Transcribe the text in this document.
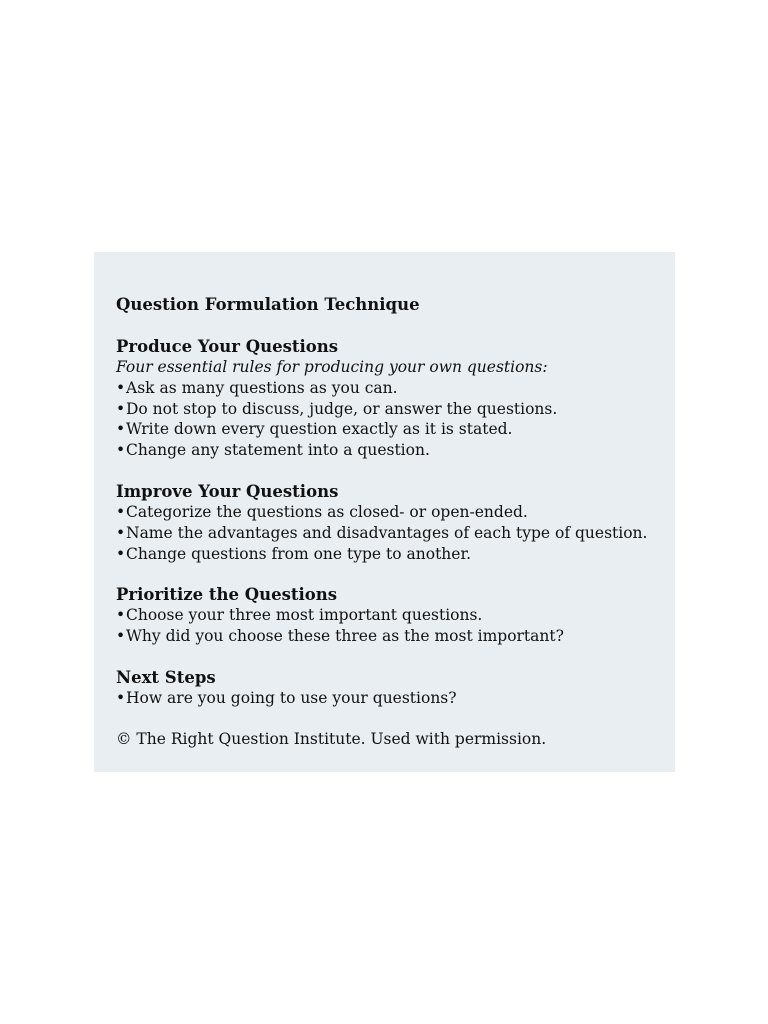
Question Formulation Technique
Produce Your Questions
Four essential rules for producing your own questions:
•Ask as many questions as you can.
•Do not stop to discuss, judge, or answer the questions.
•Write down every question exactly as it is stated.
•Change any statement into a question.
Improve Your Questions
•Categorize the questions as closed- or open-ended.
•Name the advantages and disadvantages of each type of question.
•Change questions from one type to another.
Prioritize the Questions
•Choose your three most important questions.
•Why did you choose these three as the most important?
Next Steps
•How are you going to use your questions?
© The Right Question Institute. Used with permission.
